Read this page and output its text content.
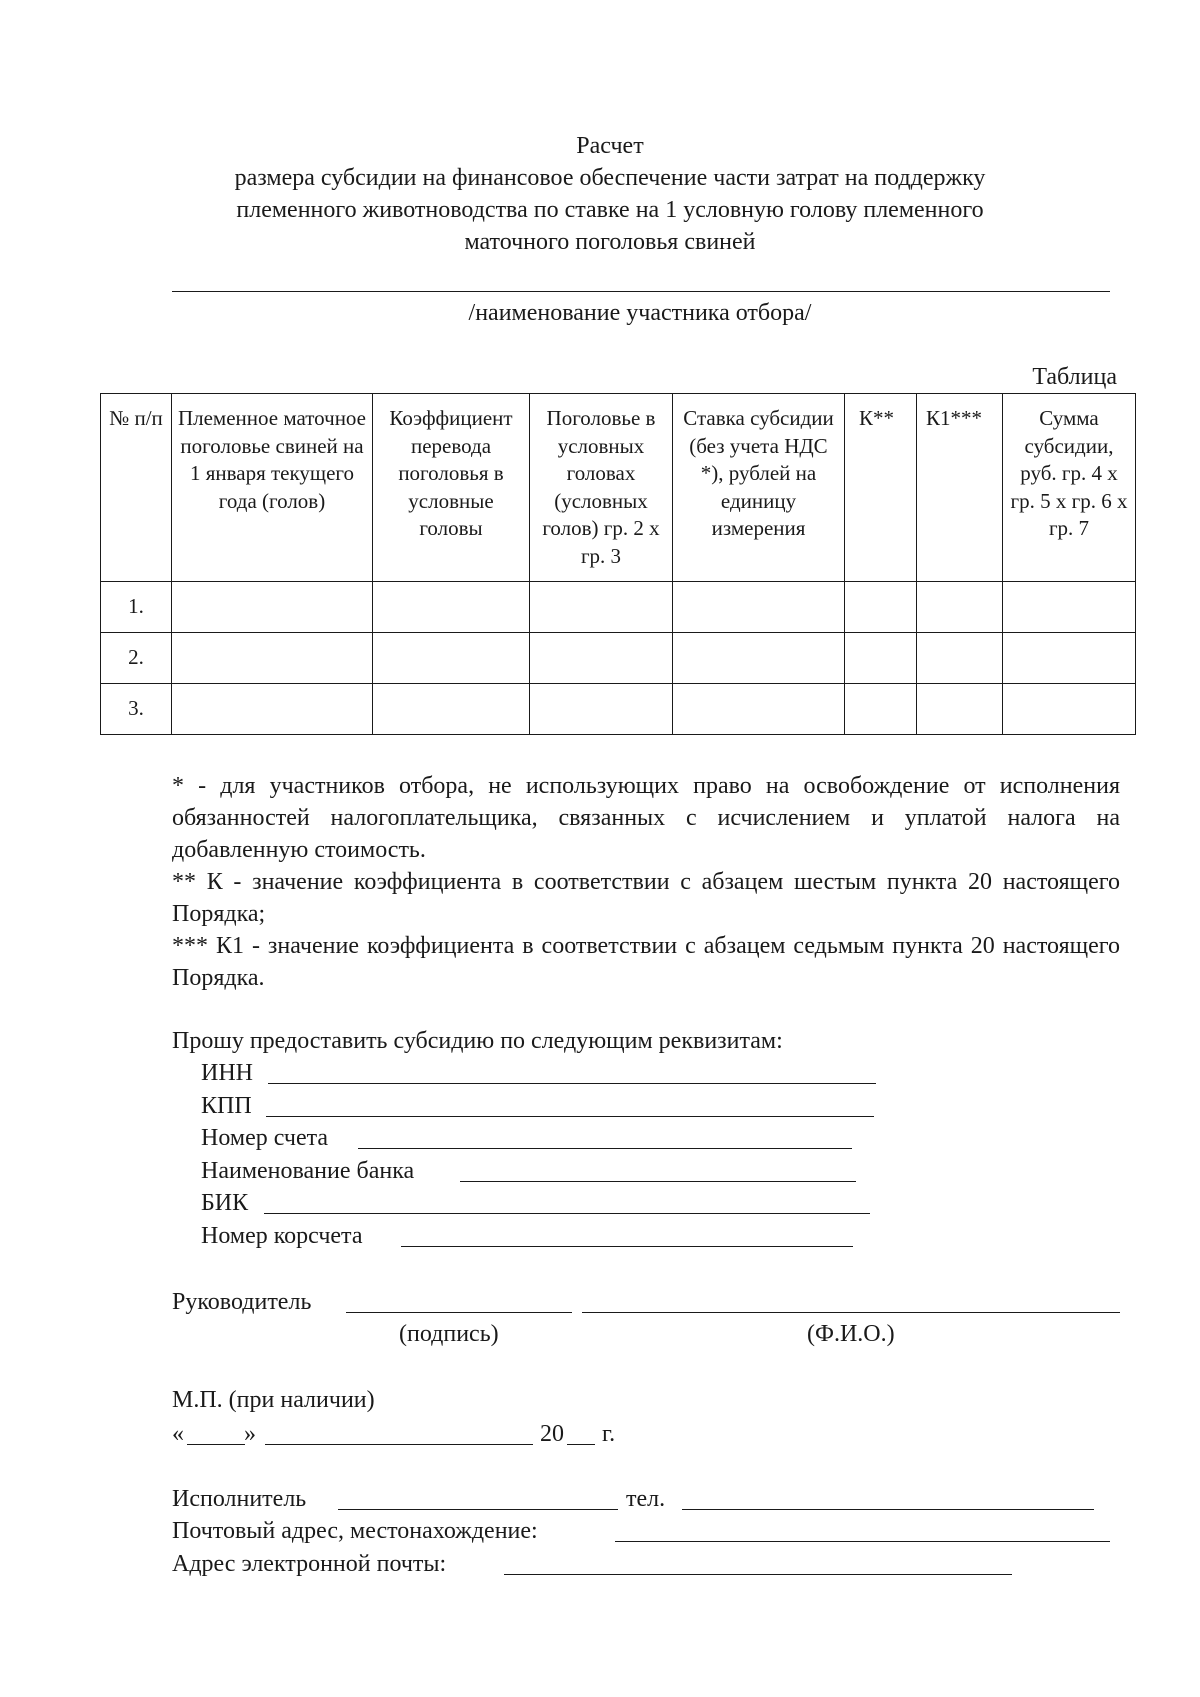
Расчет
размера субсидии на финансовое обеспечение части затрат на поддержку
племенного животноводства по ставке на 1 условную голову племенного
маточного поголовья свиней
/наименование участника отбора/
Таблица
№ п/п	Племенное маточное поголовье свиней на 1 января текущего года (голов)	Коэффициент перевода поголовья в условные головы	Поголовье в условных головах (условных голов) гр. 2 х гр. 3	Ставка субсидии (без учета НДС *), рублей на единицу измерения	К**	К1***	Сумма субсидии, руб. гр. 4 х гр. 5 х гр. 6 х гр. 7
1.							
2.							
3.							

* - для участников отбора, не использующих право на освобождение от исполнения обязанностей налогоплательщика, связанных с исчислением и уплатой налога на добавленную стоимость.

** К - значение коэффициента в соответствии с абзацем шестым пункта 20 настоящего Порядка;

*** К1 - значение коэффициента в соответствии с абзацем седьмым пункта 20 настоящего Порядка.

Прошу предоставить субсидию по следующим реквизитам:
ИНН
КПП
Номер счета
Наименование банка
БИК
Номер корсчета
Руководитель
(подпись)	(Ф.И.О.)
М.П. (при наличии)
«	»	20 г.
Исполнитель	тел.
Почтовый адрес, местонахождение:
Адрес электронной почты:
